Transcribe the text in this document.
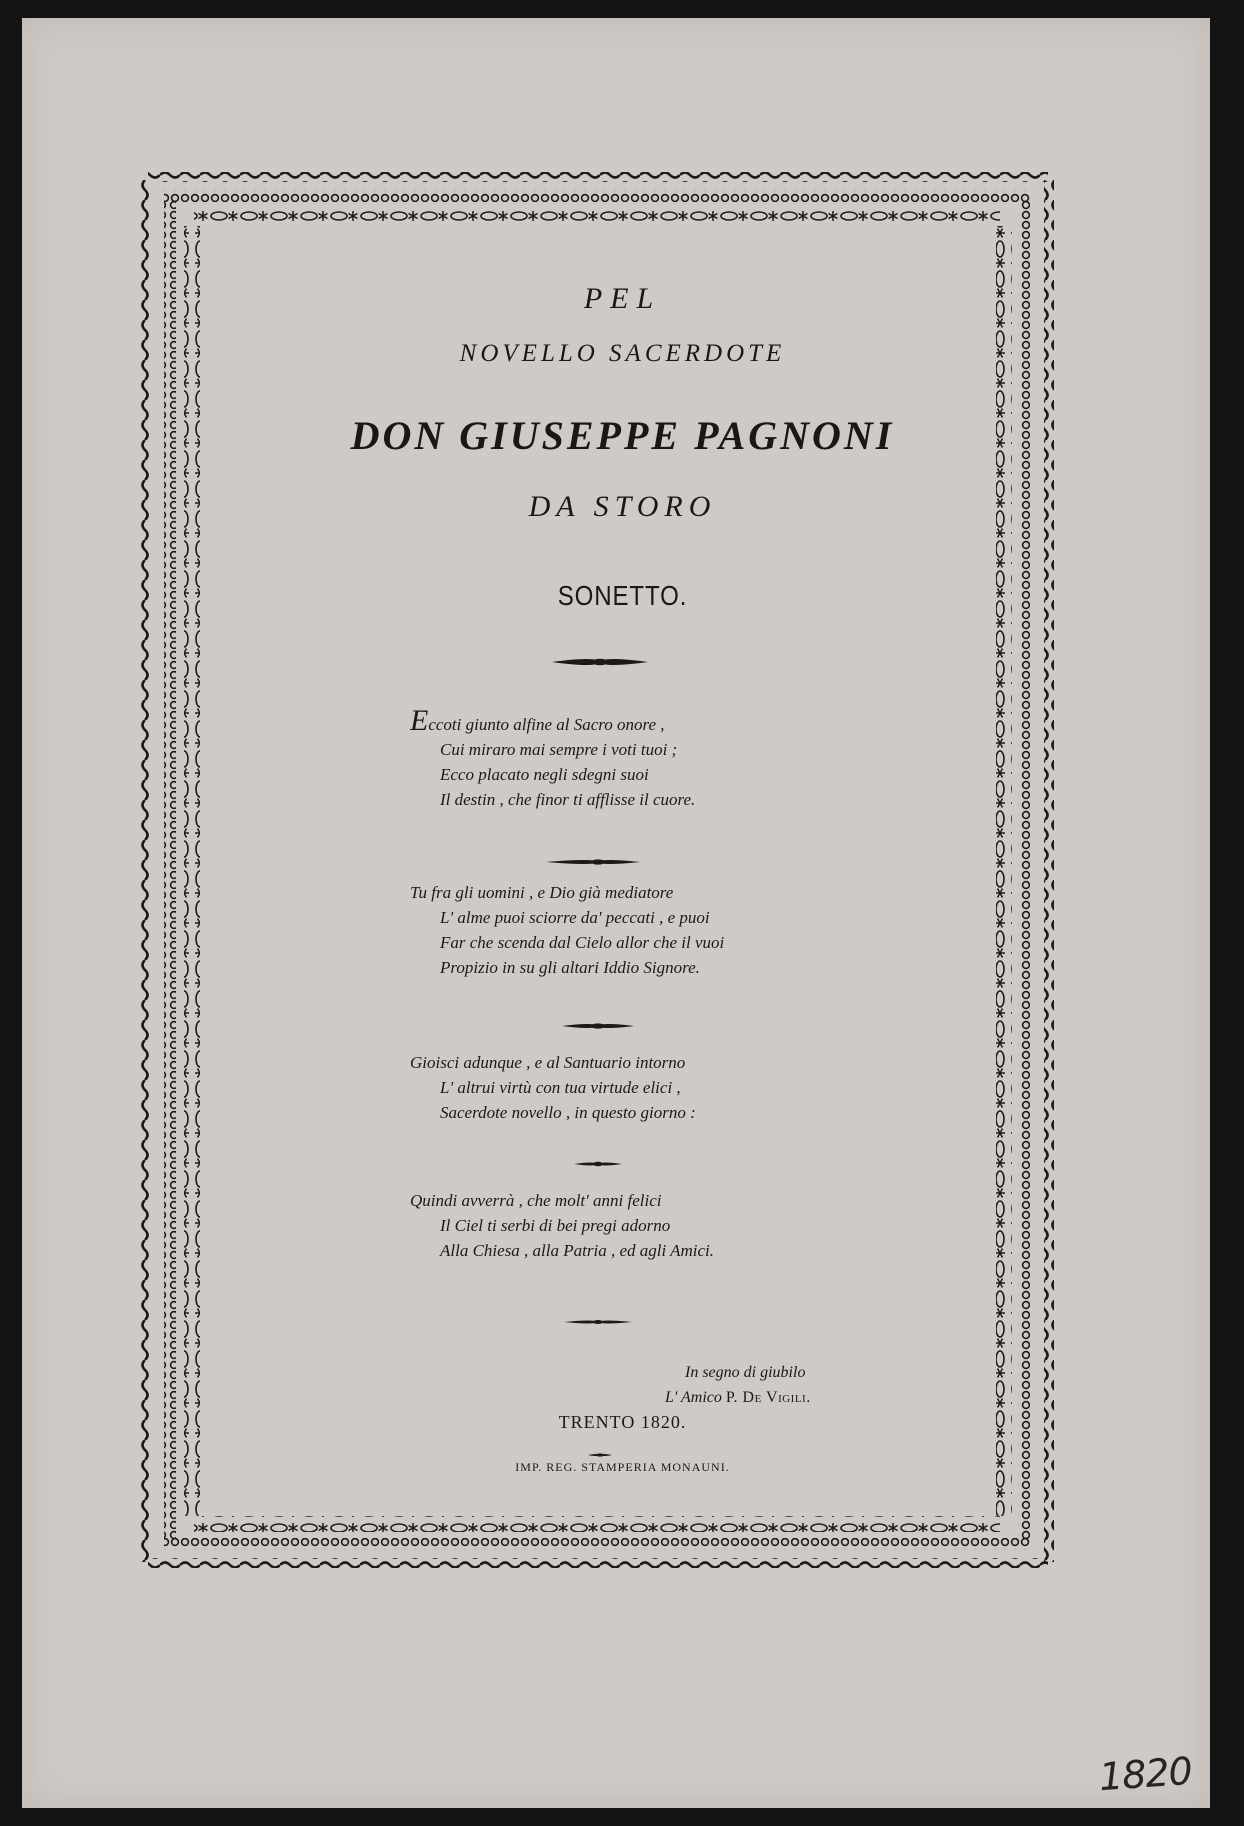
PEL

NOVELLO SACERDOTE

DON GIUSEPPE PAGNONI

DA STORO

SONETTO.

Eccoti giunto alfine al Sacro onore ,
Cui miraro mai sempre i voti tuoi ;
Ecco placato negli sdegni suoi
Il destin , che finor ti afflisse il cuore.
Tu fra gli uomini , e Dio già mediatore
L' alme puoi sciorre da' peccati , e puoi
Far che scenda dal Cielo allor che il vuoi
Propizio in su gli altari Iddio Signore.
Gioisci adunque , e al Santuario intorno
L' altrui virtù con tua virtude elici ,
Sacerdote novello , in questo giorno :
Quindi avverrà , che molt' anni felici
Il Ciel ti serbi di bei pregi adorno
Alla Chiesa , alla Patria , ed agli Amici.
In segno di giubilo
L' Amico P. De Vigili.
TRENTO 1820.
IMP. REG. STAMPERIA MONAUNI.
1820
